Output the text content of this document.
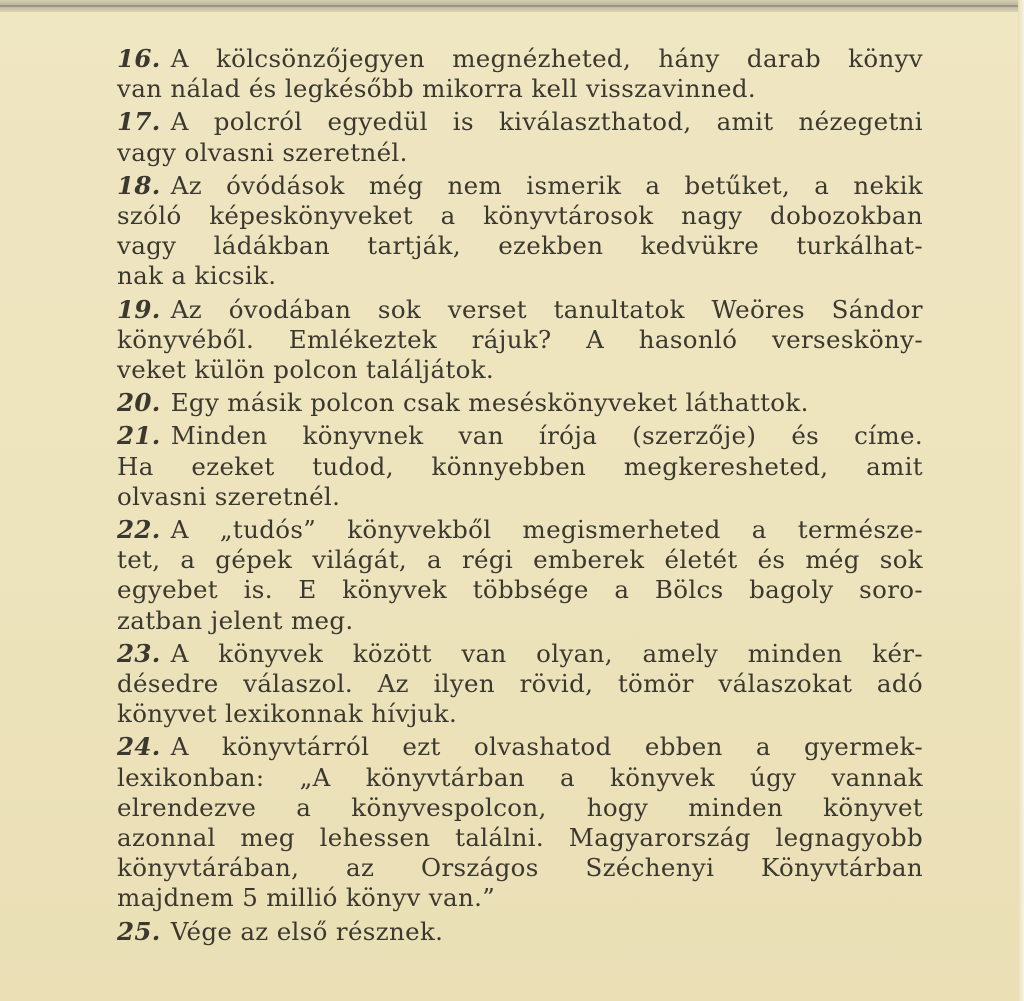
16. A kölcsönzőjegyen megnézheted, hány darab könyv
van nálad és legkésőbb mikorra kell visszavinned.
17. A polcról egyedül is kiválaszthatod, amit nézegetni
vagy olvasni szeretnél.
18. Az óvódások még nem ismerik a betűket, a nekik
szóló képeskönyveket a könyvtárosok nagy dobozokban
vagy ládákban tartják, ezekben kedvükre turkálhat-
nak a kicsik.
19. Az óvodában sok verset tanultatok Weöres Sándor
könyvéből. Emlékeztek rájuk? A hasonló versesköny-
veket külön polcon találjátok.
20. Egy másik polcon csak meséskönyveket láthattok.
21. Minden könyvnek van írója (szerzője) és címe.
Ha ezeket tudod, könnyebben megkeresheted, amit
olvasni szeretnél.
22. A „tudós” könyvekből megismerheted a természe-
tet, a gépek világát, a régi emberek életét és még sok
egyebet is. E könyvek többsége a Bölcs bagoly soro-
zatban jelent meg.
23. A könyvek között van olyan, amely minden kér-
désedre válaszol. Az ilyen rövid, tömör válaszokat adó
könyvet lexikonnak hívjuk.
24. A könyvtárról ezt olvashatod ebben a gyermek-
lexikonban: „A könyvtárban a könyvek úgy vannak
elrendezve a könyvespolcon, hogy minden könyvet
azonnal meg lehessen találni. Magyarország legnagyobb
könyvtárában, az Országos Széchenyi Könyvtárban
majdnem 5 millió könyv van.”
25. Vége az első résznek.
